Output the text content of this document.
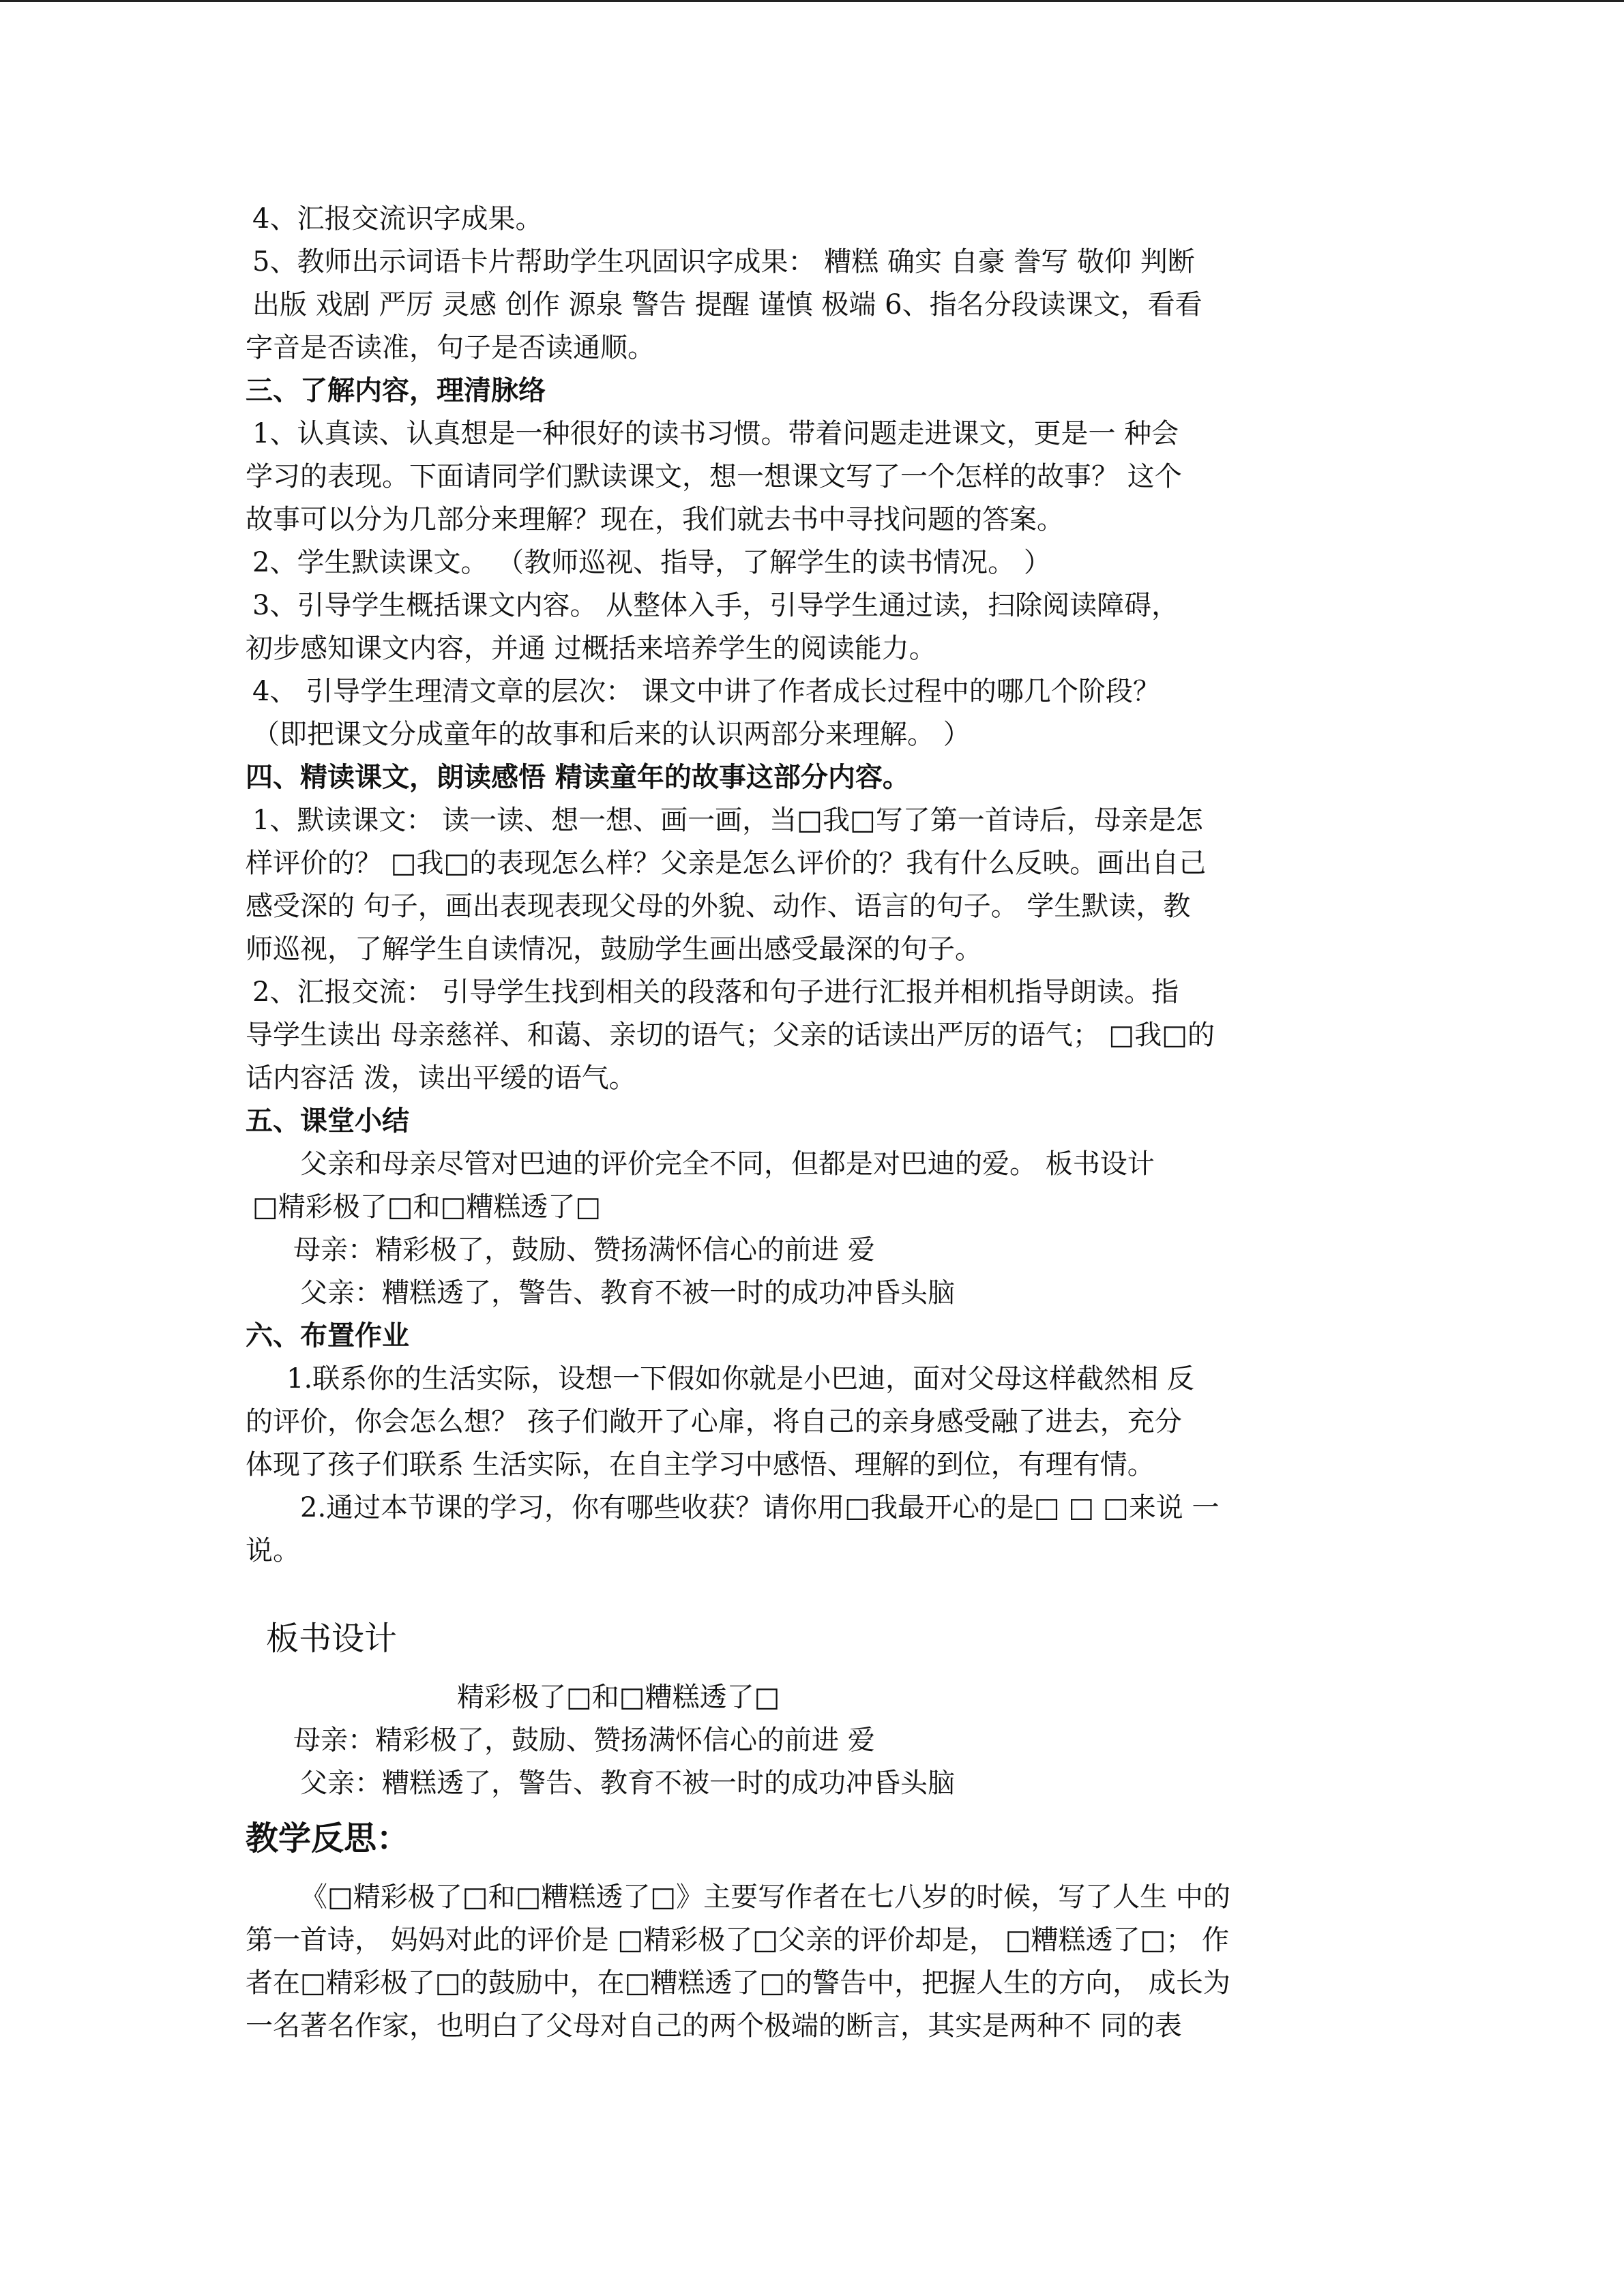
4、汇报交流识字成果。

5、教师出示词语卡片帮助学生巩固识字成果： 糟糕 确实 自豪 誊写 敬仰 判断

出版 戏剧 严厉 灵感 创作 源泉 警告 提醒 谨慎 极端 6、指名分段读课文，看看

字音是否读准，句子是否读通顺。

三、了解内容，理清脉络

1、认真读、认真想是一种很好的读书习惯。带着问题走进课文，更是一 种会

学习的表现。下面请同学们默读课文，想一想课文写了一个怎样的故事？ 这个

故事可以分为几部分来理解？现在，我们就去书中寻找问题的答案。

2、学生默读课文。 （教师巡视、指导，了解学生的读书情况。 ）

3、引导学生概括课文内容。 从整体入手，引导学生通过读，扫除阅读障碍，

初步感知课文内容，并通 过概括来培养学生的阅读能力。

4、 引导学生理清文章的层次： 课文中讲了作者成长过程中的哪几个阶段？

（即把课文分成童年的故事和后来的认识两部分来理解。 ）

四、精读课文，朗读感悟 精读童年的故事这部分内容。

1、默读课文： 读一读、想一想、画一画，当□我□写了第一首诗后，母亲是怎

样评价的？ □我□的表现怎么样？父亲是怎么评价的？我有什么反映。画出自己

感受深的 句子，画出表现表现父母的外貌、动作、语言的句子。 学生默读，教

师巡视，了解学生自读情况，鼓励学生画出感受最深的句子。

2、汇报交流： 引导学生找到相关的段落和句子进行汇报并相机指导朗读。指

导学生读出 母亲慈祥、和蔼、亲切的语气；父亲的话读出严厉的语气； □我□的

话内容活 泼，读出平缓的语气。

五、课堂小结

父亲和母亲尽管对巴迪的评价完全不同，但都是对巴迪的爱。 板书设计

□精彩极了□和□糟糕透了□

母亲：精彩极了，鼓励、赞扬满怀信心的前进 爱

父亲：糟糕透了，警告、教育不被一时的成功冲昏头脑

六、布置作业

1.联系你的生活实际，设想一下假如你就是小巴迪，面对父母这样截然相 反

的评价，你会怎么想？ 孩子们敞开了心扉，将自己的亲身感受融了进去，充分

体现了孩子们联系 生活实际，在自主学习中感悟、理解的到位，有理有情。

2.通过本节课的学习，你有哪些收获？请你用□我最开心的是□ □ □来说 一

说。

板书设计

精彩极了□和□糟糕透了□

母亲：精彩极了，鼓励、赞扬满怀信心的前进 爱

父亲：糟糕透了，警告、教育不被一时的成功冲昏头脑

教学反思：

《□精彩极了□和□糟糕透了□》主要写作者在七八岁的时候，写了人生 中的

第一首诗， 妈妈对此的评价是 □精彩极了□父亲的评价却是， □糟糕透了□； 作

者在□精彩极了□的鼓励中，在□糟糕透了□的警告中，把握人生的方向， 成长为

一名著名作家，也明白了父母对自己的两个极端的断言，其实是两种不 同的表
